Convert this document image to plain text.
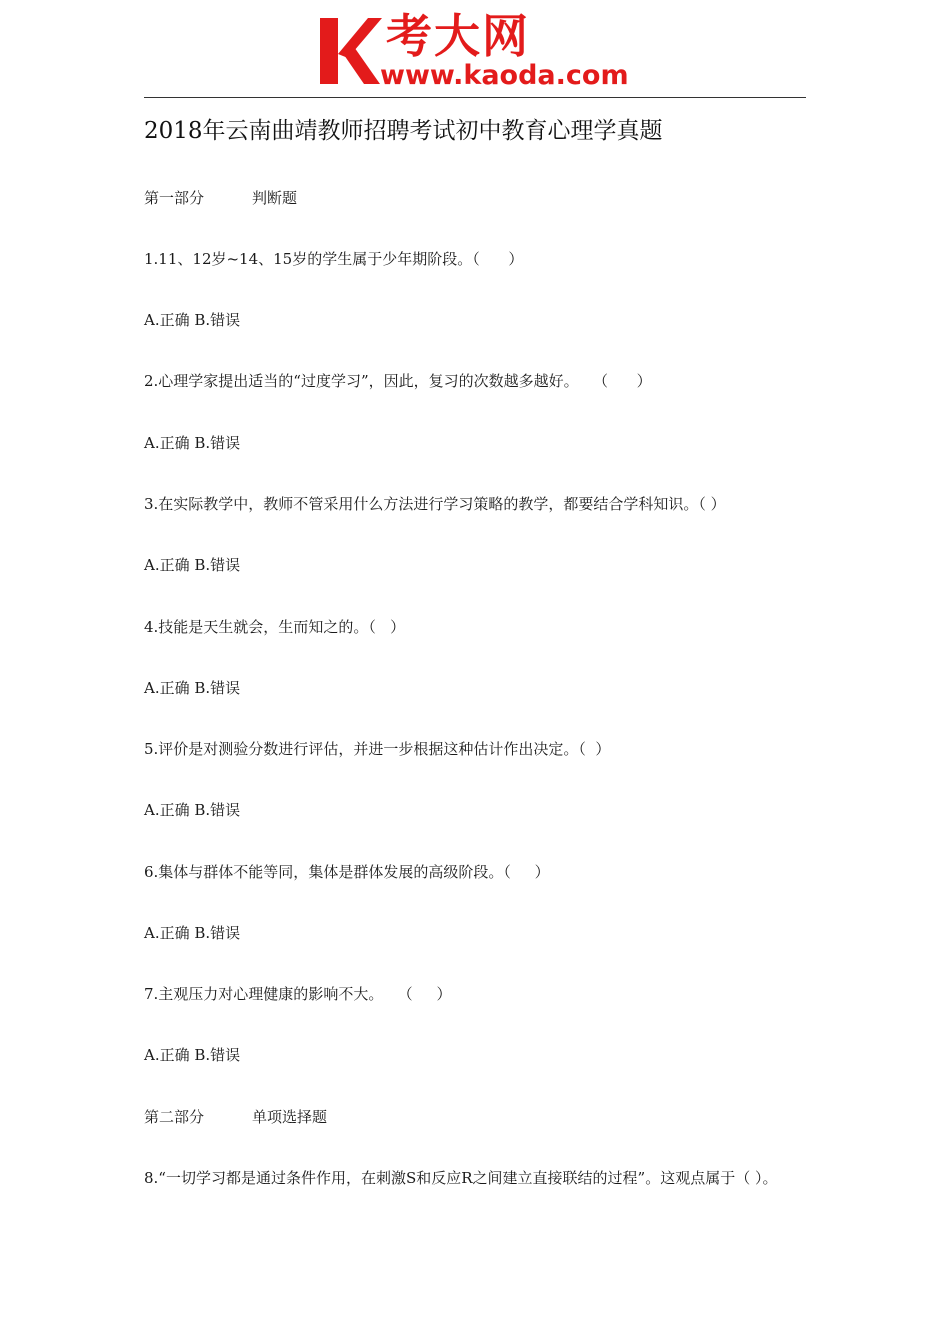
考大网
www.kaoda.com
2018年云南曲靖教师招聘考试初中教育心理学真题
第一部分	判断题
1.11、12岁~14、15岁的学生属于少年期阶段。（      ）
A.正确 B.错误
2.心理学家提出适当的“过度学习”，因此，复习的次数越多越好。   （      ）
A.正确 B.错误
3.在实际教学中，教师不管采用什么方法进行学习策略的教学，都要结合学科知识。（ ）
A.正确 B.错误
4.技能是天生就会，生而知之的。（   ）
A.正确 B.错误
5.评价是对测验分数进行评估，并进一步根据这种估计作出决定。（  ）
A.正确 B.错误
6.集体与群体不能等同，集体是群体发展的高级阶段。（     ）
A.正确 B.错误
7.主观压力对心理健康的影响不大。   （     ）
A.正确 B.错误
第二部分	单项选择题
8.“一切学习都是通过条件作用，在刺激S和反应R之间建立直接联结的过程”。这观点属于（ ）。
